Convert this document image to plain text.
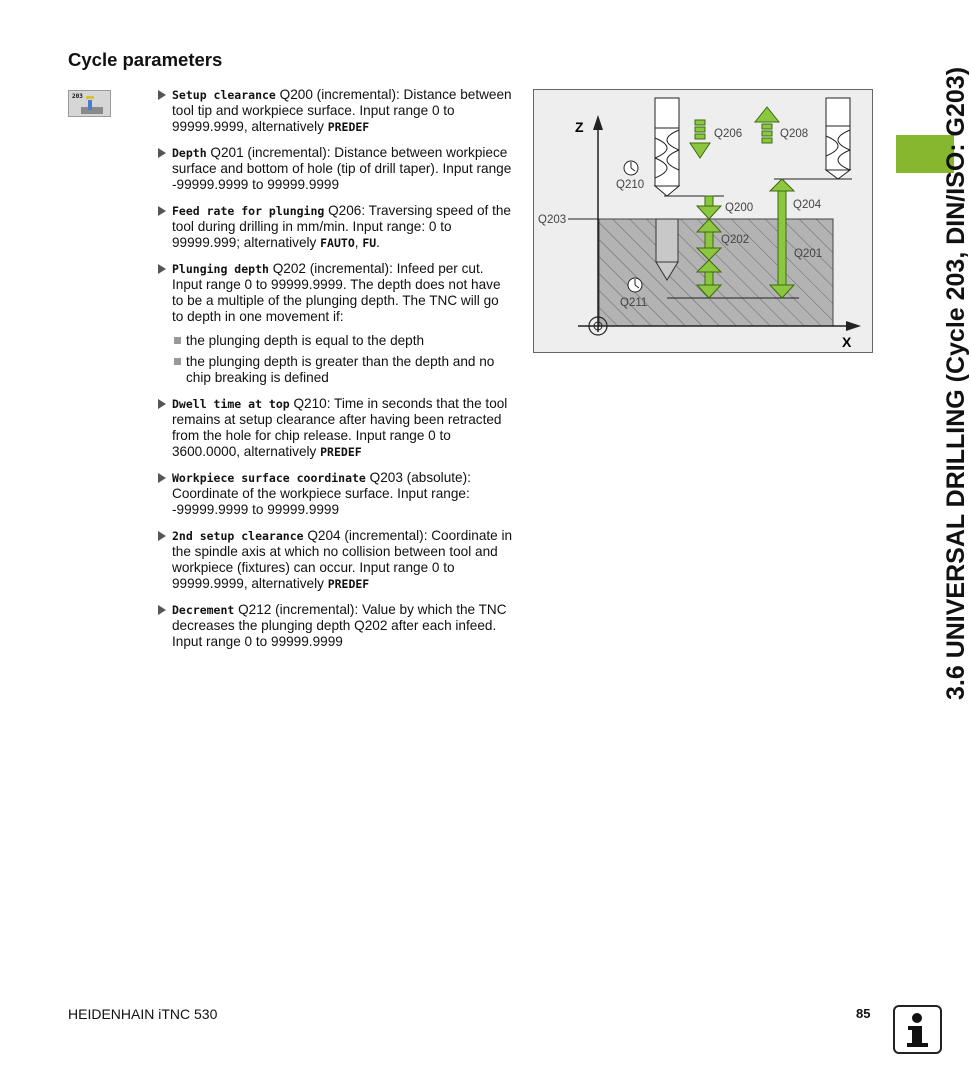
Cycle parameters
203	Setup clearance Q200 (incremental): Distance between tool tip and workpiece surface. Input range 0 to 99999.9999, alternatively PREDEF
Depth Q201 (incremental): Distance between workpiece surface and bottom of hole (tip of drill taper). Input range -99999.9999 to 99999.9999
Feed rate for plunging Q206: Traversing speed of the tool during drilling in mm/min. Input range: 0 to 99999.999; alternatively FAUTO, FU.
Plunging depth Q202 (incremental): Infeed per cut. Input range 0 to 99999.9999. The depth does not have to be a multiple of the plunging depth. The TNC will go to depth in one movement if:
the plunging depth is equal to the depth
the plunging depth is greater than the depth and no chip breaking is defined
Dwell time at top Q210: Time in seconds that the tool remains at setup clearance after having been retracted from the hole for chip release. Input range 0 to 3600.0000, alternatively PREDEF
Workpiece surface coordinate Q203 (absolute): Coordinate of the workpiece surface. Input range: -99999.9999 to 99999.9999
2nd setup clearance Q204 (incremental): Coordinate in the spindle axis at which no collision between tool and workpiece (fixtures) can occur. Input range 0 to 99999.9999, alternatively PREDEF
Decrement Q212 (incremental): Value by which the TNC decreases the plunging depth Q202 after each infeed. Input range 0 to 99999.9999
Z
X
Q206	Q208
Q210
Q200	Q204
Q203
Q202
Q201
Q211	3.6 UNIVERSAL DRILLING (Cycle 203, DIN/ISO: G203)
HEIDENHAIN iTNC 530	85
